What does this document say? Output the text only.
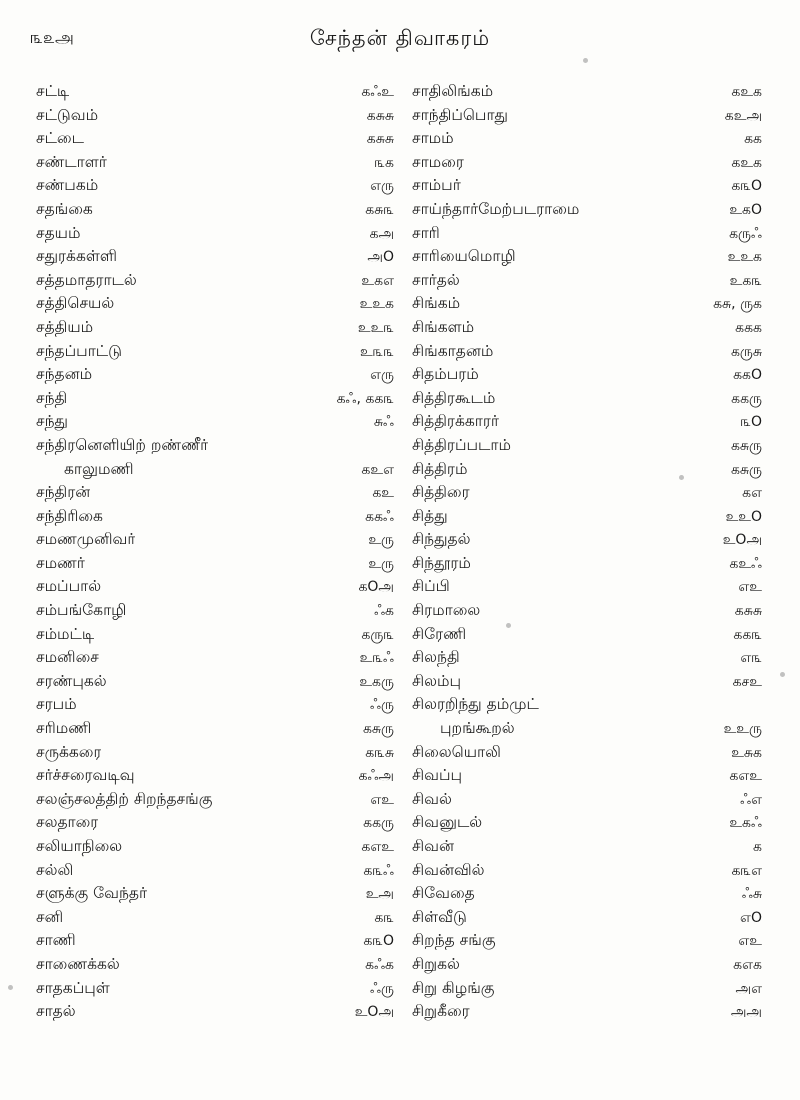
௩௨அ	சேந்தன் திவாகரம்
சட்டி	கஃஉ
சட்டுவம்	கசுசு
சட்டை	கசுசு
சண்டாளர்	௩க
சண்பகம்	எரு
சதங்கை	கசு௩
சதயம்	கஅ
சதுரக்கள்ளி	அO
சத்தமாதராடல்	உகஎ
சத்திசெயல்	உஉக
சத்தியம்	உஉ௩
சந்தப்பாட்டு	உ௩௩
சந்தனம்	எரு
சந்தி	கஃ, கக௩
சந்து	சுஃ
சந்திரனெளியிற் றண்ணீர்
காலுமணி	கஉஎ
சந்திரன்	கஉ
சந்திரிகை	ககஃ
சமணமுனிவர்	உரு
சமணர்	உரு
சமப்பால்	கOஅ
சம்பங்கோழி	ஃக
சம்மட்டி	கரு௩
சமனிசை	உ௩ஃ
சரண்புகல்	உகரு
சரபம்	ஃரு
சரிமணி	கசுரு
சருக்கரை	க௩சு
சர்ச்சரைவடிவு	கஃஅ
சலஞ்சலத்திற் சிறந்தசங்கு	எஉ
சலதாரை	ககரு
சலியாநிலை	கஎஉ
சல்லி	க௩ஃ
சளுக்கு வேந்தர்	உஅ
சனி	க௩
சாணி	க௩O
சாணைக்கல்	கஃக
சாதகப்புள்	ஃரு
சாதல்	உOஅ
சாதிலிங்கம்	கஉக
சாந்திப்பொது	கஉஅ
சாமம்	கக
சாமரை	கஉக
சாம்பர்	க௩O
சாய்ந்தார்மேற்படராமை	உகO
சாரி	கருஃ
சாரியைமொழி	உஉக
சார்தல்	உக௩
சிங்கம்	கசு, ருக
சிங்களம்	ககக
சிங்காதனம்	கருசு
சிதம்பரம்	ககO
சித்திரகூடம்	ககரு
சித்திரக்காரர்	௩O
சித்திரப்படாம்	கசுரு
சித்திரம்	கசுரு
சித்திரை	கஎ
சித்து	உஉO
சிந்துதல்	உOஅ
சிந்தூரம்	கஉஃ
சிப்பி	எஉ
சிரமாலை	கசுசு
சிரேணி	கக௩
சிலந்தி	எ௩
சிலம்பு	கசஉ
சிலரறிந்து தம்முட்
புறங்கூறல்	உஉரு
சிலையொலி	உசுக
சிவப்பு	கஎஉ
சிவல்	ஃஎ
சிவனுடல்	உகஃ
சிவன்	க
சிவன்வில்	க௩எ
சிவேதை	ஃசு
சிள்வீடு	எO
சிறந்த சங்கு	எஉ
சிறுகல்	கஎக
சிறு கிழங்கு	அஎ
சிறுகீரை	அஅ
